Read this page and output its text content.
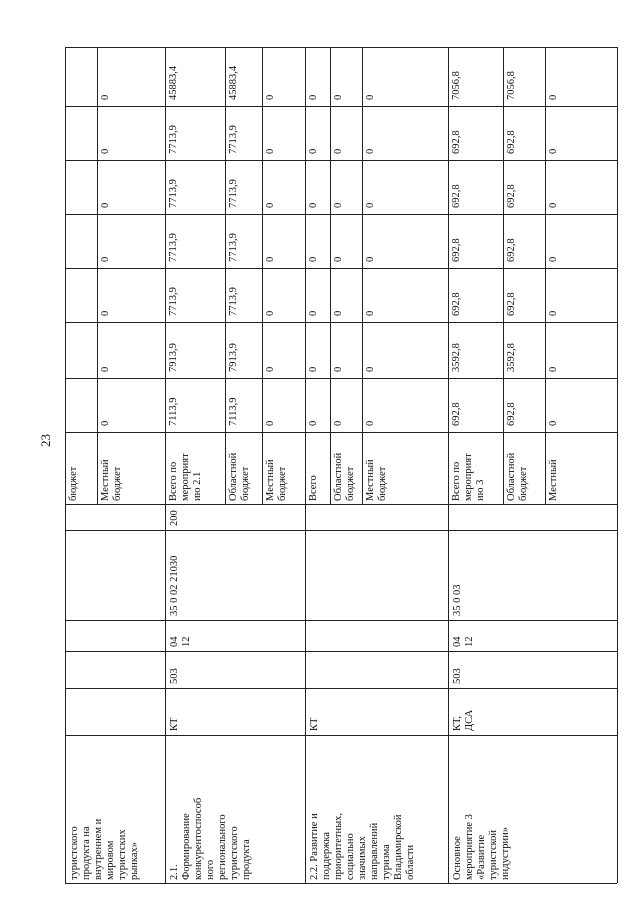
23
туристского
продукта на
внутреннем и
мировом
туристских
рынках»
бюджет Местный
бюджет
0
0
0
0
0
0
0
2.1.
Формирование
конкурентоспособ
ного
регионального
туристского
продукта
КТ
503
04
12
35 0 02 21030
200
Всего по
мероприят
ию 2.1
7113,9
7913,9
7713,9
7713,9
7713,9
7713,9
45883,4
Областной
бюджет
7113,9
7913,9
7713,9
7713,9
7713,9
7713,9
45883,4
Местный
бюджет
0
0
0
0
0
0
0
2.2. Развитие и
поддержка
приоритетных,
социально
значимых
направлений
туризма
Владимирской
области
КТ
Всего
0
0
0
0
0
0
0
Областной
бюджет
0
0
0
0
0
0
0
Местный
бюджет
0
0
0
0
0
0
0
Основное
мероприятие 3
«Развитие
туристской
индустрии»
КТ,
ДСА
503
04
12
35 0 03
Всего по
мероприят
ию 3
692,8
3592,8
692,8
692,8
692,8
692,8
7056,8
Областной
бюджет
692,8
3592,8
692,8
692,8
692,8
692,8
7056,8
Местный
0
0
0
0
0
0
0
